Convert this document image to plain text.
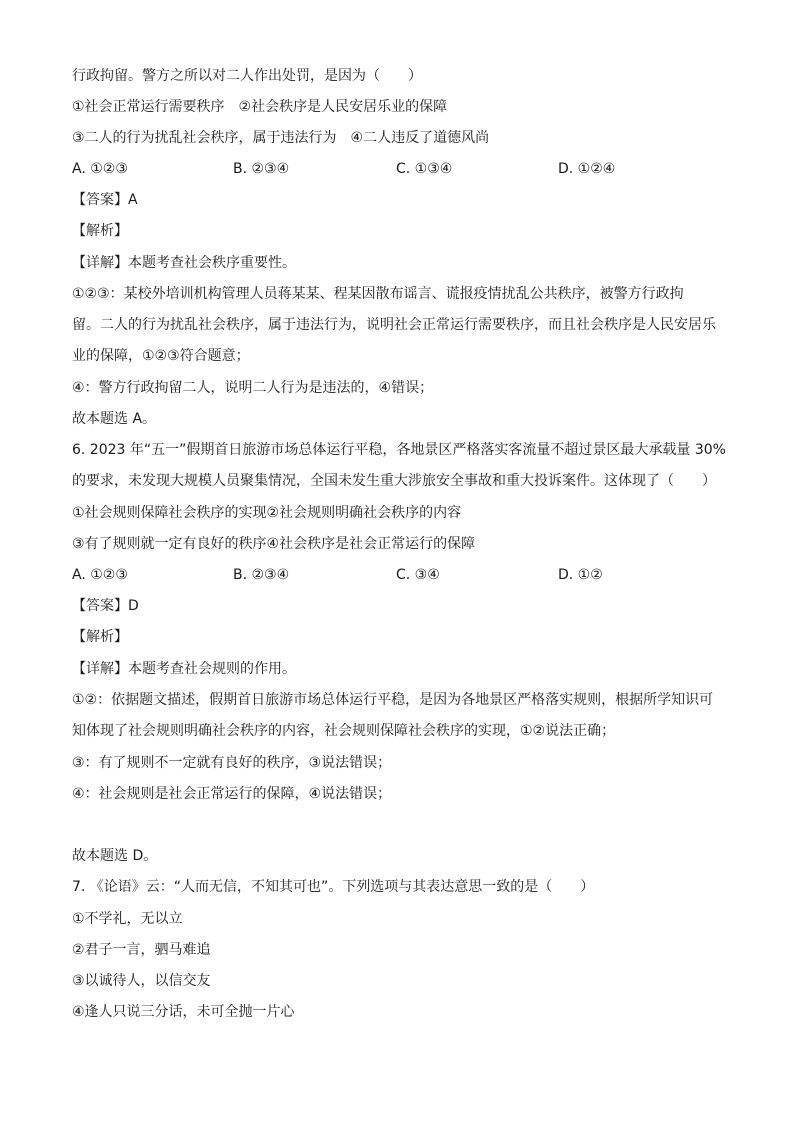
行政拘留。警方之所以对二人作出处罚，是因为（　　）
①社会正常运行需要秩序　②社会秩序是人民安居乐业的保障
③二人的行为扰乱社会秩序，属于违法行为　④二人违反了道德风尚
A. ①②③	B. ②③④	C. ①③④	D. ①②④
【答案】A
【解析】
【详解】本题考查社会秩序重要性。
①②③：某校外培训机构管理人员蒋某某、程某因散布谣言、谎报疫情扰乱公共秩序，被警方行政拘
留。二人的行为扰乱社会秩序，属于违法行为，说明社会正常运行需要秩序，而且社会秩序是人民安居乐
业的保障，①②③符合题意；
④：警方行政拘留二人，说明二人行为是违法的，④错误；
故本题选 A。
6. 2023 年“五一”假期首日旅游市场总体运行平稳，各地景区严格落实客流量不超过景区最大承载量 30%
的要求，未发现大规模人员聚集情况，全国未发生重大涉旅安全事故和重大投诉案件。这体现了（　　）
①社会规则保障社会秩序的实现②社会规则明确社会秩序的内容
③有了规则就一定有良好的秩序④社会秩序是社会正常运行的保障
A. ①②③	B. ②③④	C. ③④	D. ①②
【答案】D
【解析】
【详解】本题考查社会规则的作用。
①②：依据题文描述，假期首日旅游市场总体运行平稳，是因为各地景区严格落实规则，根据所学知识可
知体现了社会规则明确社会秩序的内容，社会规则保障社会秩序的实现，①②说法正确；
③：有了规则不一定就有良好的秩序，③说法错误；
④：社会规则是社会正常运行的保障，④说法错误；
故本题选 D。
7. 《论语》云：“人而无信，不知其可也”。下列选项与其表达意思一致的是（　　）
①不学礼，无以立
②君子一言，驷马难追
③以诚待人，以信交友
④逢人只说三分话，未可全抛一片心
